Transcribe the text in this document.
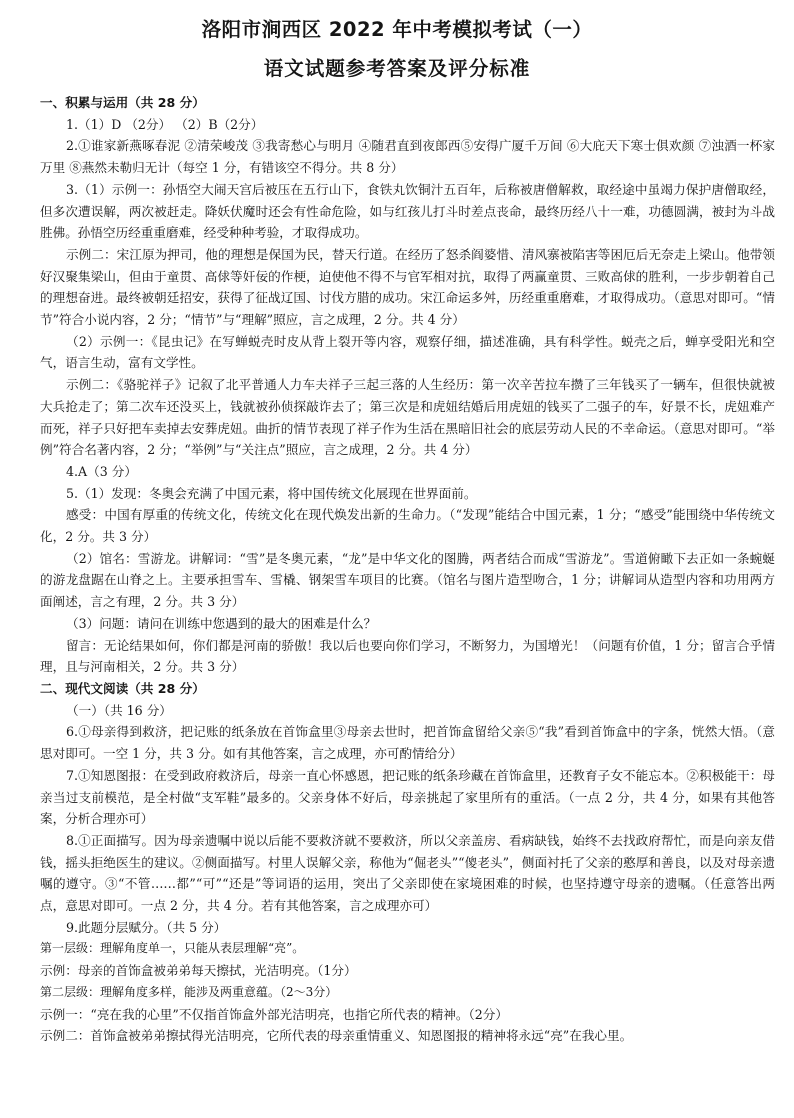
洛阳市涧西区 2022 年中考模拟考试（一）
语文试题参考答案及评分标准

一、积累与运用（共 28 分）

1.（1）D （2分） （2）B（2分）

2.①谁家新燕啄春泥 ②清荣峻茂 ③我寄愁心与明月 ④随君直到夜郎西⑤安得广厦千万间 ⑥大庇天下寒士俱欢颜 ⑦浊酒一杯家万里 ⑧燕然未勒归无计（每空 1 分，有错该空不得分。共 8 分）

3.（1）示例一：孙悟空大闹天宫后被压在五行山下，食铁丸饮铜汁五百年，后称被唐僧解救，取经途中虽竭力保护唐僧取经，但多次遭误解，两次被赶走。降妖伏魔时还会有性命危险，如与红孩儿打斗时差点丧命，最终历经八十一难，功德圆满，被封为斗战胜佛。孙悟空历经重重磨难，经受种种考验，才取得成功。

示例二：宋江原为押司，他的理想是保国为民，替天行道。在经历了怒杀阎婆惜、清风寨被陷害等困厄后无奈走上梁山。他带领好汉聚集梁山，但由于童贯、高俅等奸佞的作梗，迫使他不得不与官军相对抗，取得了两赢童贯、三败高俅的胜利，一步步朝着自己的理想奋进。最终被朝廷招安，获得了征战辽国、讨伐方腊的成功。宋江命运多舛，历经重重磨难，才取得成功。（意思对即可。“情节”符合小说内容，2 分；“情节”与“理解”照应，言之成理，2 分。共 4 分）

（2）示例一：《昆虫记》在写蝉蜕壳时皮从背上裂开等内容，观察仔细，描述准确，具有科学性。蜕壳之后，蝉享受阳光和空气，语言生动，富有文学性。

示例二：《骆驼祥子》记叙了北平普通人力车夫祥子三起三落的人生经历：第一次辛苦拉车攒了三年钱买了一辆车，但很快就被大兵抢走了；第二次车还没买上，钱就被孙侦探敲诈去了；第三次是和虎妞结婚后用虎妞的钱买了二强子的车，好景不长，虎妞难产而死，祥子只好把车卖掉去安葬虎妞。曲折的情节表现了祥子作为生活在黑暗旧社会的底层劳动人民的不幸命运。（意思对即可。“举例”符合名著内容，2 分；“举例”与“关注点”照应，言之成理，2 分。共 4 分）

4.A（3 分）

5.（1）发现：冬奥会充满了中国元素，将中国传统文化展现在世界面前。

感受：中国有厚重的传统文化，传统文化在现代焕发出新的生命力。（“发现”能结合中国元素，1 分；“感受”能围绕中华传统文化，2 分。共 3 分）

（2）馆名：雪游龙。讲解词：“雪”是冬奥元素，“龙”是中华文化的图腾，两者结合而成“雪游龙”。雪道俯瞰下去正如一条蜿蜒的游龙盘踞在山脊之上。主要承担雪车、雪橇、钢架雪车项目的比赛。（馆名与图片造型吻合，1 分；讲解词从造型内容和功用两方面阐述，言之有理，2 分。共 3 分）

（3）问题：请问在训练中您遇到的最大的困难是什么？

留言：无论结果如何，你们都是河南的骄傲！我以后也要向你们学习，不断努力，为国增光！（问题有价值，1 分；留言合乎情理，且与河南相关，2 分。共 3 分）

二、现代文阅读（共 28 分）

（一）（共 16 分）

6.①母亲得到救济，把记账的纸条放在首饰盒里③母亲去世时，把首饰盒留给父亲⑤“我”看到首饰盒中的字条，恍然大悟。（意思对即可。一空 1 分，共 3 分。如有其他答案，言之成理，亦可酌情给分）

7.①知恩图报：在受到政府救济后，母亲一直心怀感恩，把记账的纸条珍藏在首饰盒里，还教育子女不能忘本。②积极能干：母亲当过支前模范，是全村做“支军鞋”最多的。父亲身体不好后，母亲挑起了家里所有的重活。（一点 2 分，共 4 分，如果有其他答案，分析合理亦可）

8.①正面描写。因为母亲遗嘱中说以后能不要救济就不要救济，所以父亲盖房、看病缺钱，始终不去找政府帮忙，而是向亲友借钱，摇头拒绝医生的建议。②侧面描写。村里人误解父亲，称他为“倔老头”“傻老头”，侧面衬托了父亲的憨厚和善良，以及对母亲遗嘱的遵守。③“不管……都”“可”“还是”等词语的运用，突出了父亲即使在家境困难的时候，也坚持遵守母亲的遗嘱。（任意答出两点，意思对即可。一点 2 分，共 4 分。若有其他答案，言之成理亦可）

9.此题分层赋分。（共 5 分）

第一层级：理解角度单一，只能从表层理解“亮”。

示例：母亲的首饰盒被弟弟每天擦拭，光洁明亮。（1分）

第二层级：理解角度多样，能涉及两重意蕴。（2～3分）

示例一：“亮在我的心里”不仅指首饰盒外部光洁明亮，也指它所代表的精神。（2分）

示例二：首饰盒被弟弟擦拭得光洁明亮，它所代表的母亲重情重义、知恩图报的精神将永远“亮”在我心里。
